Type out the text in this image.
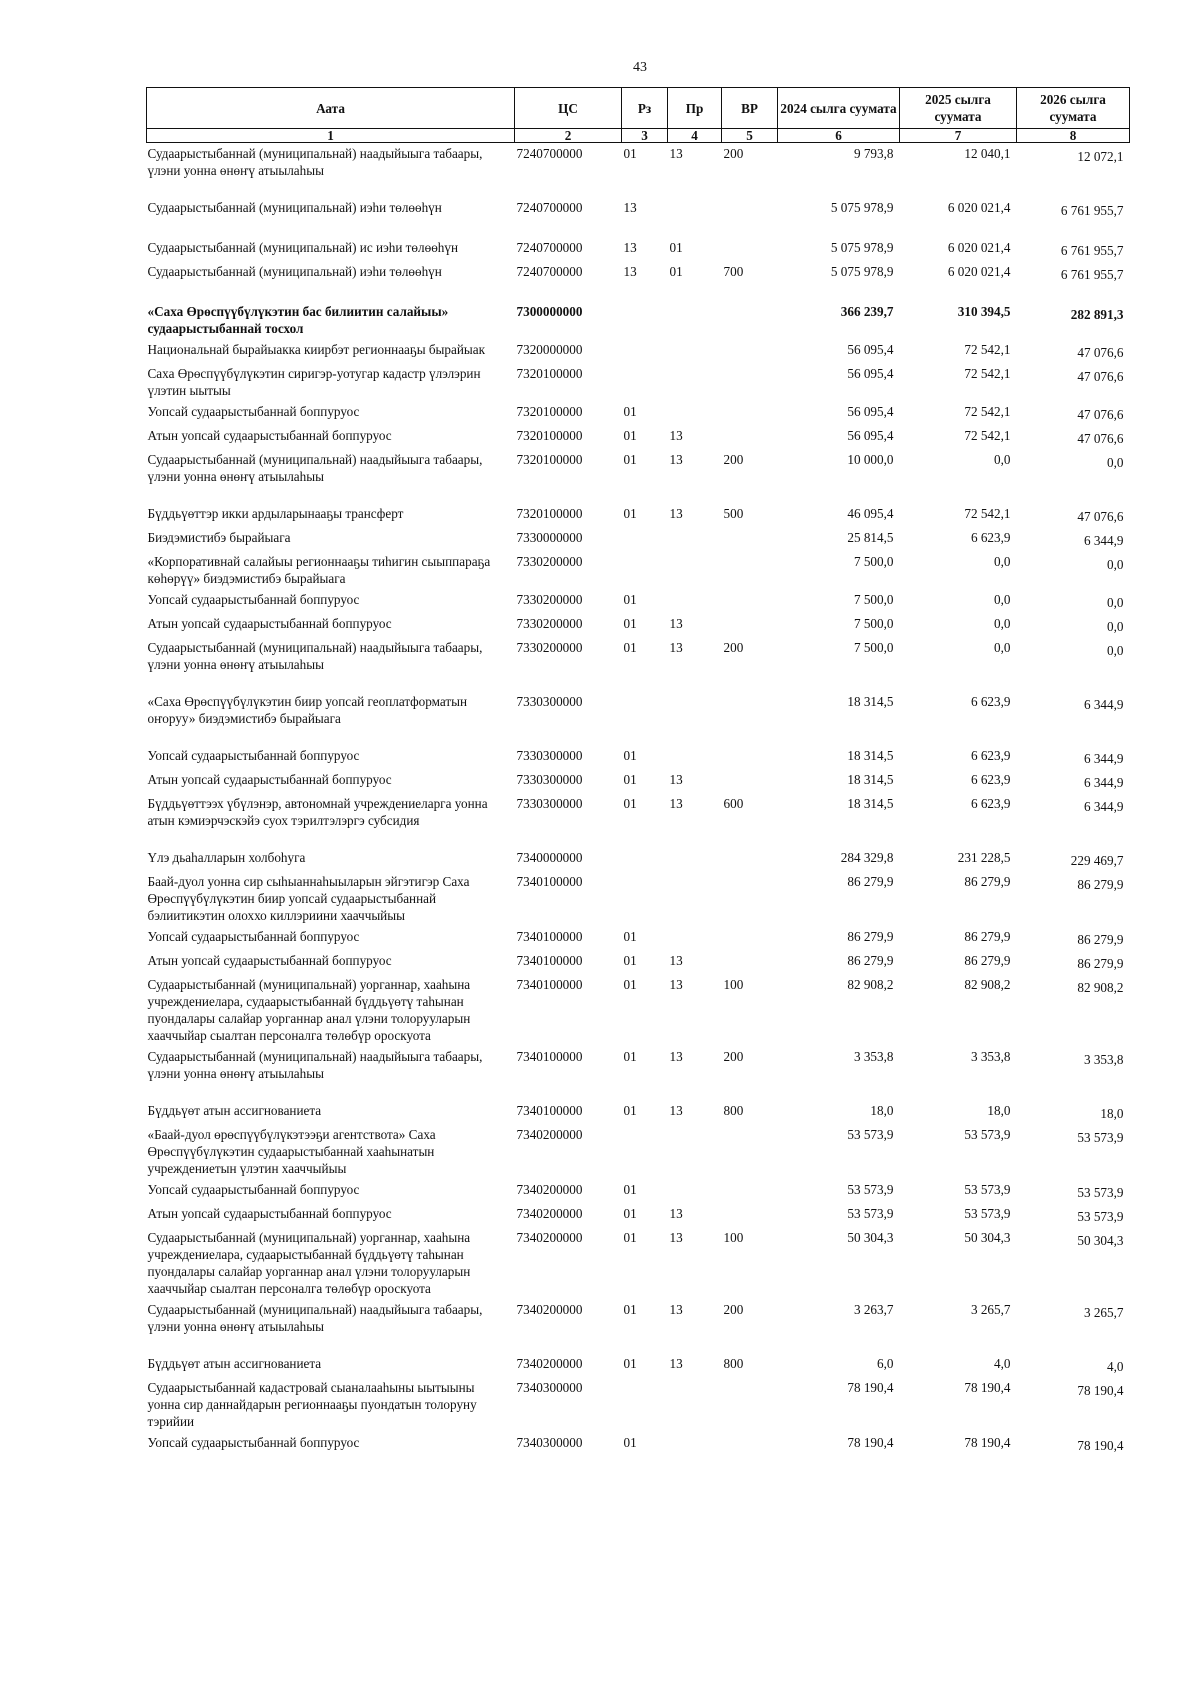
43
Аата	ЦС	Рз	Пр	ВР	2024 сылга суумата	2025 сылга суумата	2026 сылга суумата
1	2	3	4	5	6	7	8
Судаарыстыбаннай (муниципальнай) наадыйыыга табаары, үлэни уонна өнөҥү атыылаhыы	7240700000	01	13	200	9 793,8	12 040,1	12 072,1
Судаарыстыбаннай (муниципальнай) иэhи төлөөhүн	7240700000	13			5 075 978,9	6 020 021,4	6 761 955,7
Судаарыстыбаннай (муниципальнай) ис иэhи төлөөhүн	7240700000	13	01		5 075 978,9	6 020 021,4	6 761 955,7
Судаарыстыбаннай (муниципальнай) иэhи төлөөhүн	7240700000	13	01	700	5 075 978,9	6 020 021,4	6 761 955,7
«Саха Өрөспүүбүлүкэтин бас билиитин салайыы» судаарыстыбаннай тосхол	7300000000				366 239,7	310 394,5	282 891,3
Национальнай бырайыакка киирбэт регионнааҕы бырайыак	7320000000				56 095,4	72 542,1	47 076,6
Саха Өрөспүүбүлүкэтин сиригэр-уотугар кадастр үлэлэрин үлэтин ыытыы	7320100000				56 095,4	72 542,1	47 076,6
Уопсай судаарыстыбаннай боппуруос	7320100000	01			56 095,4	72 542,1	47 076,6
Атын уопсай судаарыстыбаннай боппуруос	7320100000	01	13		56 095,4	72 542,1	47 076,6
Судаарыстыбаннай (муниципальнай) наадыйыыга табаары, үлэни уонна өнөҥү атыылаhыы	7320100000	01	13	200	10 000,0	0,0	0,0
Бүддьүөттэр икки ардыларынааҕы трансферт	7320100000	01	13	500	46 095,4	72 542,1	47 076,6
Биэдэмистибэ бырайыага	7330000000				25 814,5	6 623,9	6 344,9
«Корпоративнай салайыы регионнааҕы тиhигин сыыппараҕа көhөрүү» биэдэмистибэ бырайыага	7330200000				7 500,0	0,0	0,0
Уопсай судаарыстыбаннай боппуруос	7330200000	01			7 500,0	0,0	0,0
Атын уопсай судаарыстыбаннай боппуруос	7330200000	01	13		7 500,0	0,0	0,0
Судаарыстыбаннай (муниципальнай) наадыйыыга табаары, үлэни уонна өнөҥү атыылаhыы	7330200000	01	13	200	7 500,0	0,0	0,0
«Саха Өрөспүүбүлүкэтин биир уопсай геоплатформатын оҥоруу» биэдэмистибэ бырайыага	7330300000				18 314,5	6 623,9	6 344,9
Уопсай судаарыстыбаннай боппуруос	7330300000	01			18 314,5	6 623,9	6 344,9
Атын уопсай судаарыстыбаннай боппуруос	7330300000	01	13		18 314,5	6 623,9	6 344,9
Бүддьүөттээх үбүлэнэр, автономнай учреждениеларга уонна атын кэмиэрчэскэйэ суох тэрилтэлэргэ субсидия	7330300000	01	13	600	18 314,5	6 623,9	6 344,9
Үлэ дьаhалларын холбоhуга	7340000000				284 329,8	231 228,5	229 469,7
Баай-дуол уонна сир сыhыаннаhыыларын эйгэтигэр Саха Өрөспүүбүлүкэтин биир уопсай судаарыстыбаннай бэлиитикэтин олоххо киллэриини хааччыйыы	7340100000				86 279,9	86 279,9	86 279,9
Уопсай судаарыстыбаннай боппуруос	7340100000	01			86 279,9	86 279,9	86 279,9
Атын уопсай судаарыстыбаннай боппуруос	7340100000	01	13		86 279,9	86 279,9	86 279,9
Судаарыстыбаннай (муниципальнай) уорганнар, хааhына учреждениелара, судаарыстыбаннай бүддьүөтү таhынан пуондалары салайар уорганнар анал үлэни толорууларын хааччыйар сыалтан персоналга төлөбүр ороскуота	7340100000	01	13	100	82 908,2	82 908,2	82 908,2
Судаарыстыбаннай (муниципальнай) наадыйыыга табаары, үлэни уонна өнөҥү атыылаhыы	7340100000	01	13	200	3 353,8	3 353,8	3 353,8
Бүддьүөт атын ассигнованиета	7340100000	01	13	800	18,0	18,0	18,0
«Баай-дуол өрөспүүбүлүкэтээҕи агентствота» Саха Өрөспүүбүлүкэтин судаарыстыбаннай хааhынатын учреждениетын үлэтин хааччыйыы	7340200000				53 573,9	53 573,9	53 573,9
Уопсай судаарыстыбаннай боппуруос	7340200000	01			53 573,9	53 573,9	53 573,9
Атын уопсай судаарыстыбаннай боппуруос	7340200000	01	13		53 573,9	53 573,9	53 573,9
Судаарыстыбаннай (муниципальнай) уорганнар, хааhына учреждениелара, судаарыстыбаннай бүддьүөтү таhынан пуондалары салайар уорганнар анал үлэни толорууларын хааччыйар сыалтан персоналга төлөбүр ороскуота	7340200000	01	13	100	50 304,3	50 304,3	50 304,3
Судаарыстыбаннай (муниципальнай) наадыйыыга табаары, үлэни уонна өнөҥү атыылаhыы	7340200000	01	13	200	3 263,7	3 265,7	3 265,7
Бүддьүөт атын ассигнованиета	7340200000	01	13	800	6,0	4,0	4,0
Судаарыстыбаннай кадастровай сыаналааhыны ыытыыны уонна сир даннайдарын регионнааҕы пуондатын толоруну тэрийии	7340300000				78 190,4	78 190,4	78 190,4
Уопсай судаарыстыбаннай боппуруос	7340300000	01			78 190,4	78 190,4	78 190,4
